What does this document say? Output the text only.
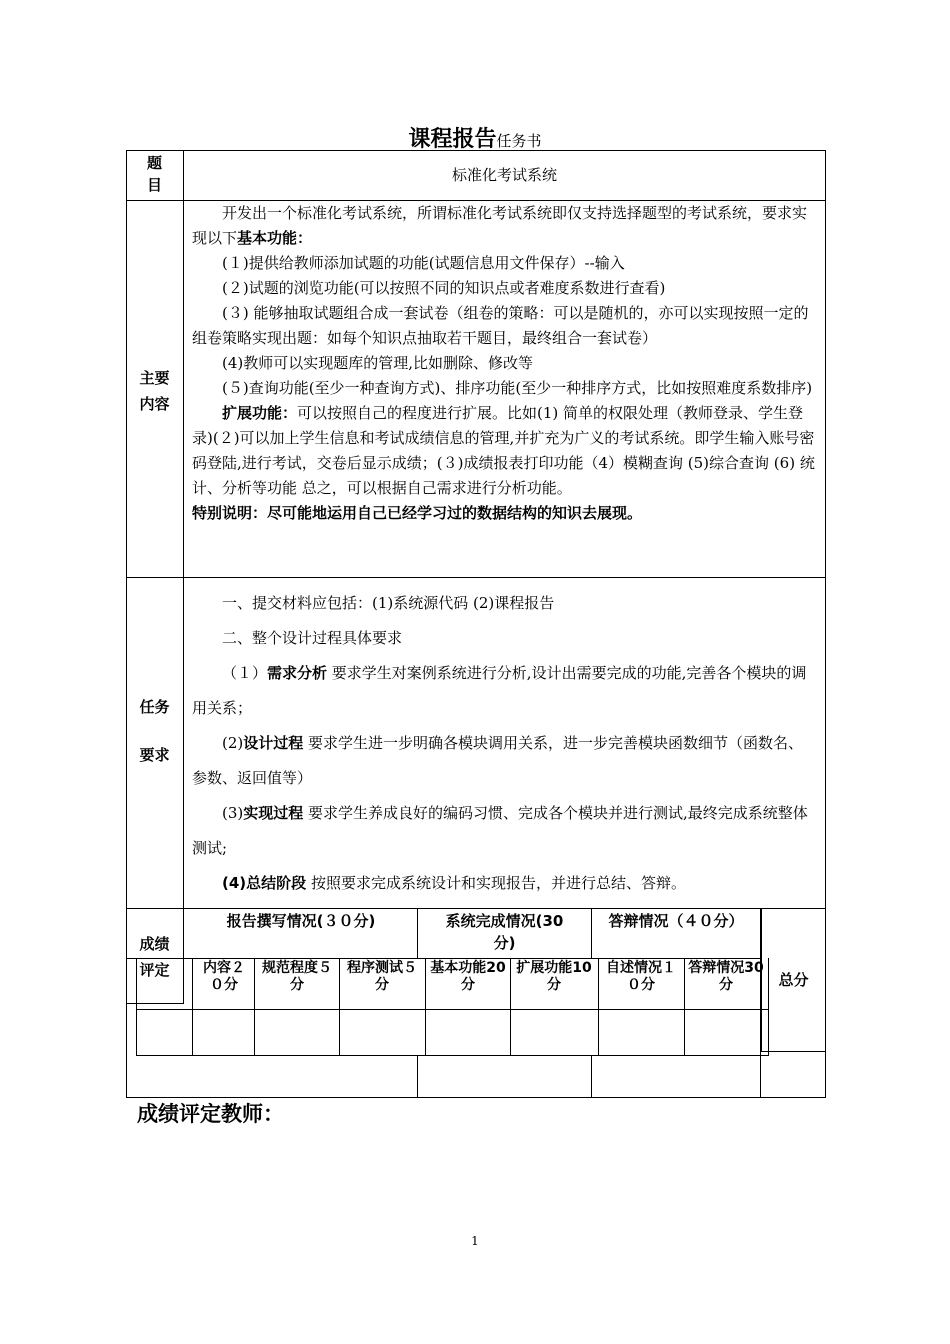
课程报告任务书
题
目
标准化考试系统
主要
内容

开发出一个标准化考试系统，所谓标准化考试系统即仅支持选择题型的考试系统，要求实现以下基本功能：

(１)提供给教师添加试题的功能(试题信息用文件保存）--输入

(２)试题的浏览功能(可以按照不同的知识点或者难度系数进行查看)

(３) 能够抽取试题组合成一套试卷（组卷的策略：可以是随机的，亦可以实现按照一定的组卷策略实现出题：如每个知识点抽取若干题目，最终组合一套试卷）

(4)教师可以实现题库的管理,比如删除、修改等

(５)查询功能(至少一种查询方式)、排序功能(至少一种排序方式，比如按照难度系数排序)

扩展功能：可以按照自己的程度进行扩展。比如(1) 简单的权限处理（教师登录、学生登录)(２)可以加上学生信息和考试成绩信息的管理,并扩充为广义的考试系统。即学生输入账号密码登陆,进行考试，交卷后显示成绩；(３)成绩报表打印功能（4）模糊查询 (5)综合查询 (6) 统计、分析等功能 总之，可以根据自己需求进行分析功能。

特别说明：尽可能地运用自己已经学习过的数据结构的知识去展现。

任务
要求

一、提交材料应包括：(1)系统源代码 (2)课程报告

二、整个设计过程具体要求

（１）需求分析 要求学生对案例系统进行分析,设计出需要完成的功能,完善各个模块的调用关系；

(2)设计过程 要求学生进一步明确各模块调用关系，进一步完善模块函数细节（函数名、参数、返回值等）

(3)实现过程 要求学生养成良好的编码习惯、完成各个模块并进行测试,最终完成系统整体测试;

(4)总结阶段 按照要求完成系统设计和实现报告，并进行总结、答辩。

成绩
评定
报告撰写情况(３０分)	系统完成情况(30分)
答辩情况（４０分）
内容２０分
规范程度５分
程序测试５分
基本功能20分
扩展功能10分
自述情况１０分
答辩情况30分	总分
成绩评定教师：
1
